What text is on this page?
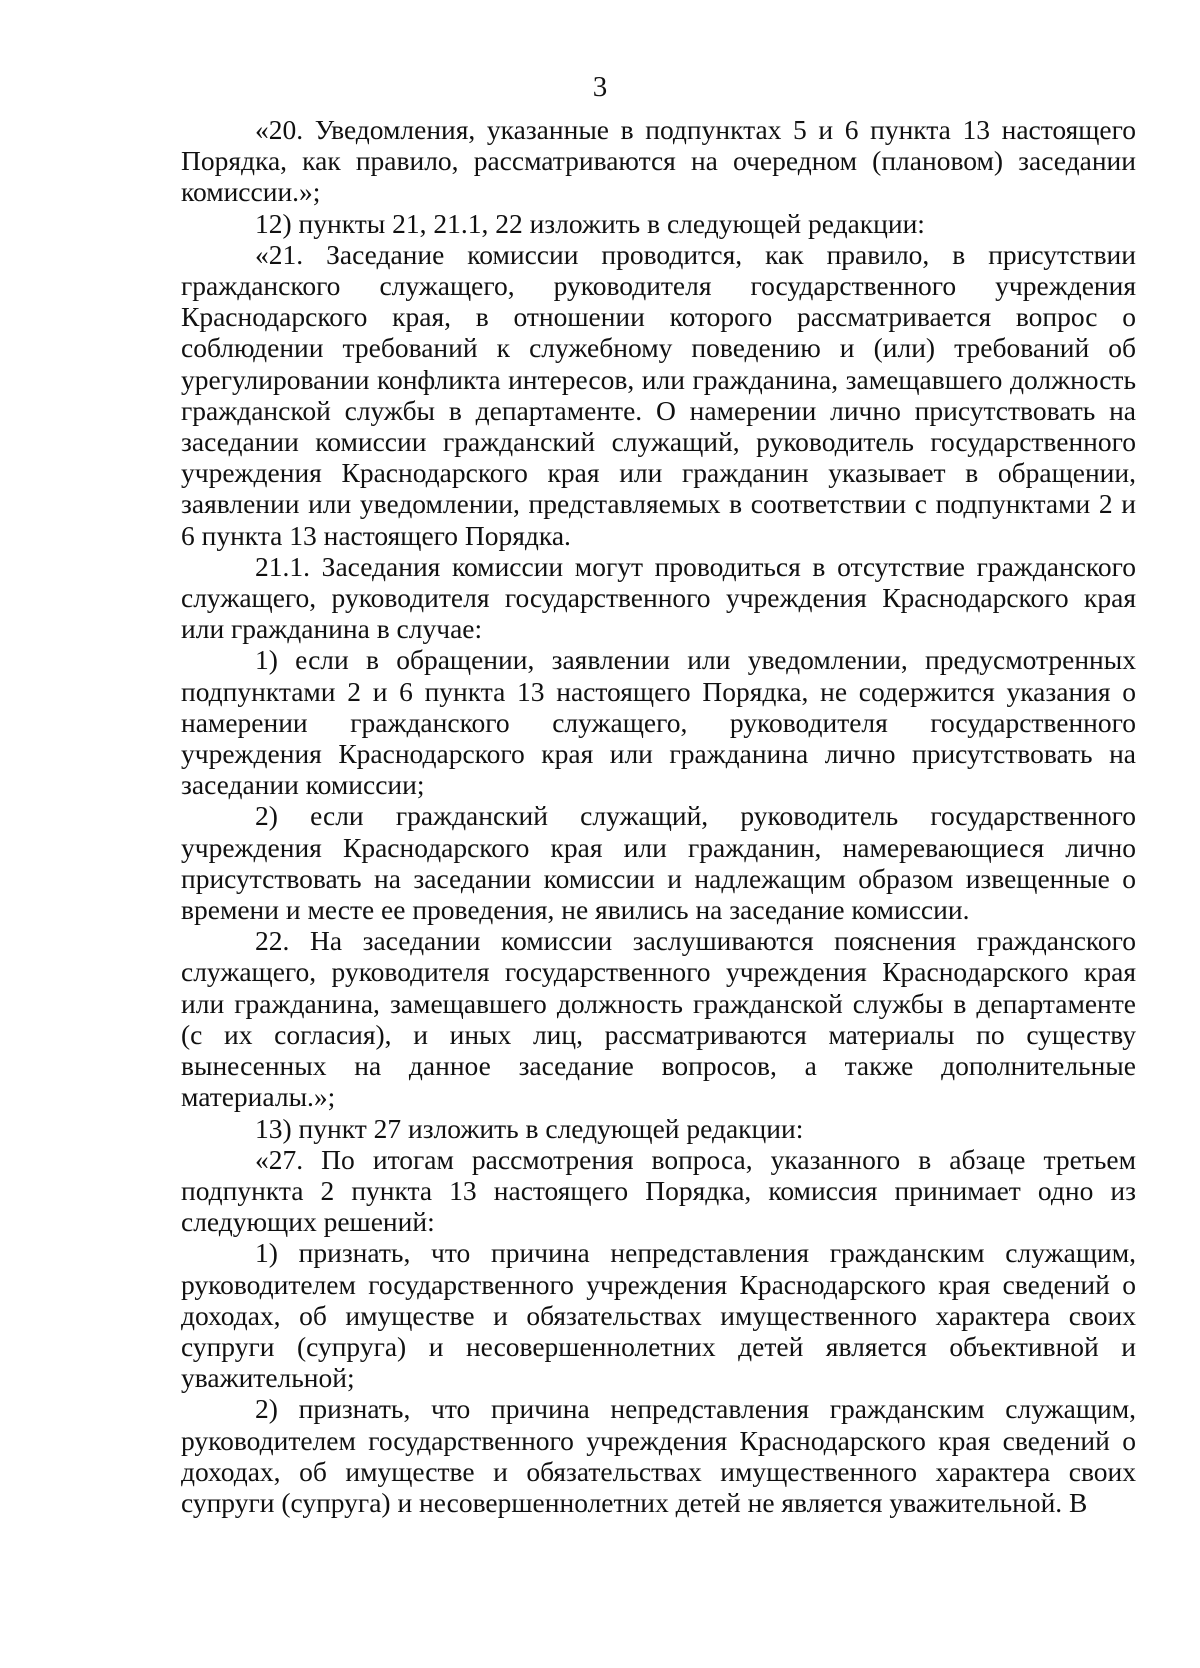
3

«20. Уведомления, указанные в подпунктах 5 и 6 пункта 13 настоящего Порядка, как правило, рассматриваются на очередном (плановом) заседании комиссии.»;

12) пункты 21, 21.1, 22 изложить в следующей редакции:

«21. Заседание комиссии проводится, как правило, в присутствии гражданского служащего, руководителя государственного учреждения Краснодарского края, в отношении которого рассматривается вопрос о соблюдении требований к служебному поведению и (или) требований об урегулировании конфликта интересов, или гражданина, замещавшего должность гражданской службы в департаменте. О намерении лично присутствовать на заседании комиссии гражданский служащий, руководитель государственного учреждения Краснодарского края или гражданин указывает в обращении, заявлении или уведомлении, представляемых в соответствии с подпунктами 2 и 6 пункта 13 настоящего Порядка.

21.1. Заседания комиссии могут проводиться в отсутствие гражданского служащего, руководителя государственного учреждения Краснодарского края или гражданина в случае:

1) если в обращении, заявлении или уведомлении, предусмотренных подпунктами 2 и 6 пункта 13 настоящего Порядка, не содержится указания о намерении гражданского служащего, руководителя государственного учреждения Краснодарского края или гражданина лично присутствовать на заседании комиссии;

2) если гражданский служащий, руководитель государственного учреждения Краснодарского края или гражданин, намеревающиеся лично присутствовать на заседании комиссии и надлежащим образом извещенные о времени и месте ее проведения, не явились на заседание комиссии.

22. На заседании комиссии заслушиваются пояснения гражданского служащего, руководителя государственного учреждения Краснодарского края или гражданина, замещавшего должность гражданской службы в департаменте (с их согласия), и иных лиц, рассматриваются материалы по существу вынесенных на данное заседание вопросов, а также дополнительные материалы.»;

13) пункт 27 изложить в следующей редакции:

«27. По итогам рассмотрения вопроса, указанного в абзаце третьем подпункта 2 пункта 13 настоящего Порядка, комиссия принимает одно из следующих решений:

1) признать, что причина непредставления гражданским служащим, руководителем государственного учреждения Краснодарского края сведений о доходах, об имуществе и обязательствах имущественного характера своих супруги (супруга) и несовершеннолетних детей является объективной и уважительной;

2) признать, что причина непредставления гражданским служащим, руководителем государственного учреждения Краснодарского края сведений о доходах, об имуществе и обязательствах имущественного характера своих супруги (супруга) и несовершеннолетних детей не является уважительной. В
